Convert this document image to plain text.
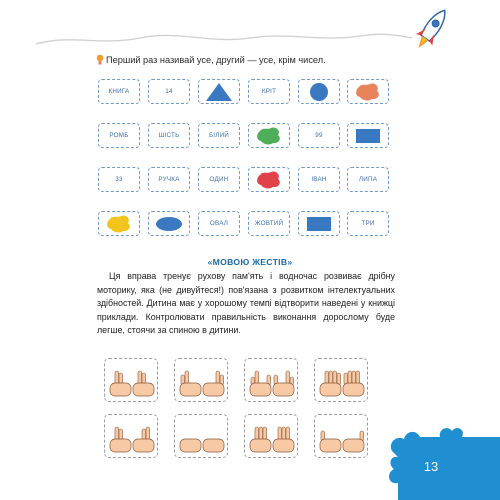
Перший раз називай усе, другий — усе, крім чисел.
КНИГА	14	КРІТ
РОМБ	ШІСТЬ	БІЛИЙ	99
33	РУЧКА	ОДИН	ІВАН	ЛИПА
ОВАЛ	ЖОВТИЙ	ТРИ
«МОВОЮ ЖЕСТІВ»
Ця вправа тренує рухову пам'ять і водночас розвиває дрібну моторику, яка (не дивуйтеся!) пов'язана з розвитком інтелектуальних здібностей. Дитина має у хорошому темпі відтворити наведені у книжці приклади. Контролювати правильність виконання дорослому буде легше, стоячи за спиною в дитини.
13
